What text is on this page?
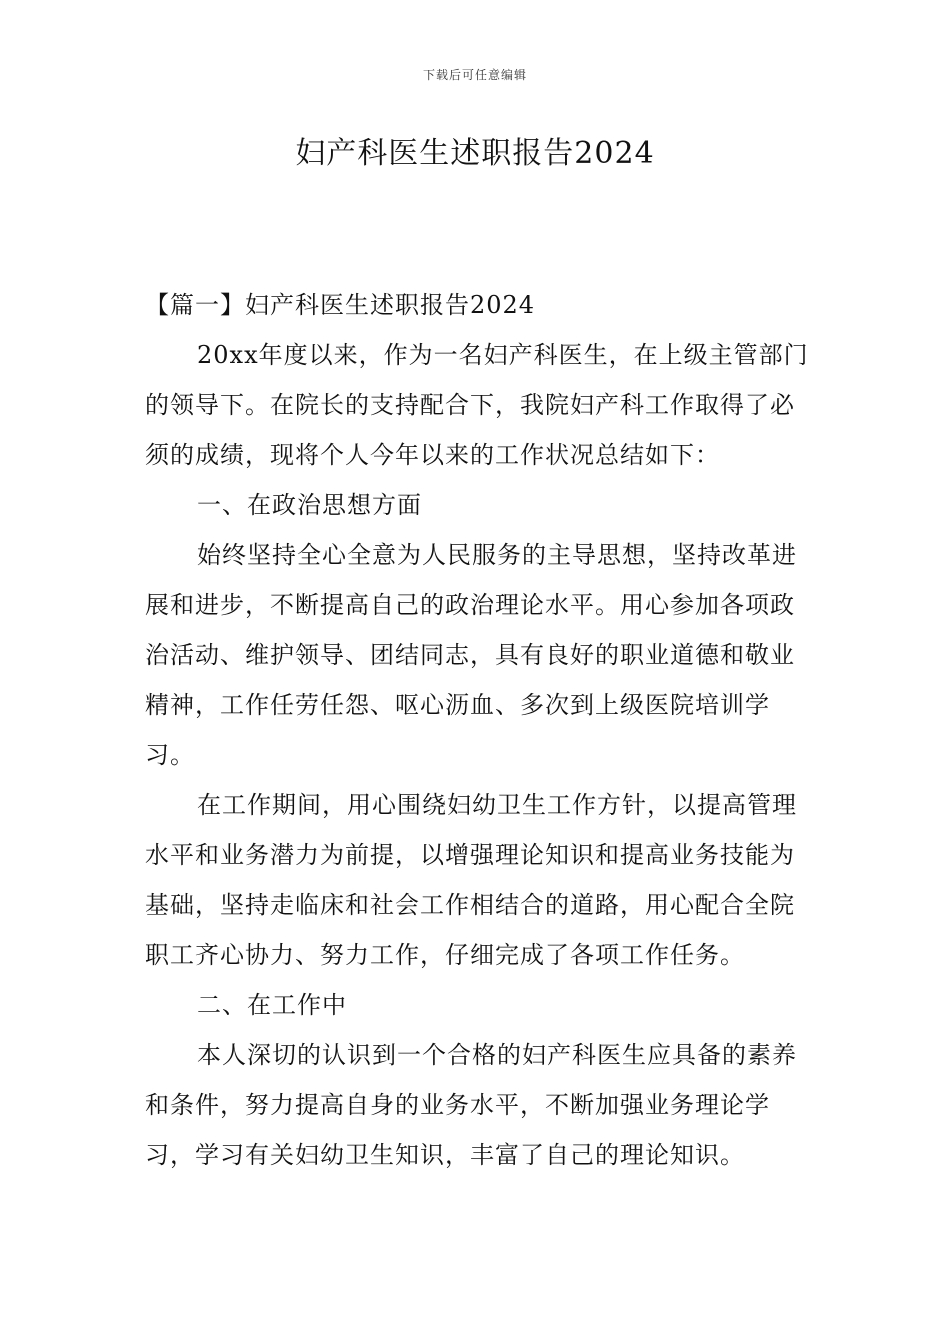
下载后可任意编辑
妇产科医生述职报告2024

【篇一】妇产科医生述职报告2024

20xx年度以来，作为一名妇产科医生，在上级主管部门的领导下。在院长的支持配合下，我院妇产科工作取得了必须的成绩，现将个人今年以来的工作状况总结如下：

一、在政治思想方面

始终坚持全心全意为人民服务的主导思想，坚持改革进展和进步，不断提高自己的政治理论水平。用心参加各项政治活动、维护领导、团结同志，具有良好的职业道德和敬业精神，工作任劳任怨、呕心沥血、多次到上级医院培训学习。

在工作期间，用心围绕妇幼卫生工作方针，以提高管理水平和业务潜力为前提，以增强理论知识和提高业务技能为基础，坚持走临床和社会工作相结合的道路，用心配合全院职工齐心协力、努力工作，仔细完成了各项工作任务。

二、在工作中

本人深切的认识到一个合格的妇产科医生应具备的素养和条件，努力提高自身的业务水平，不断加强业务理论学习，学习有关妇幼卫生知识，丰富了自己的理论知识。
